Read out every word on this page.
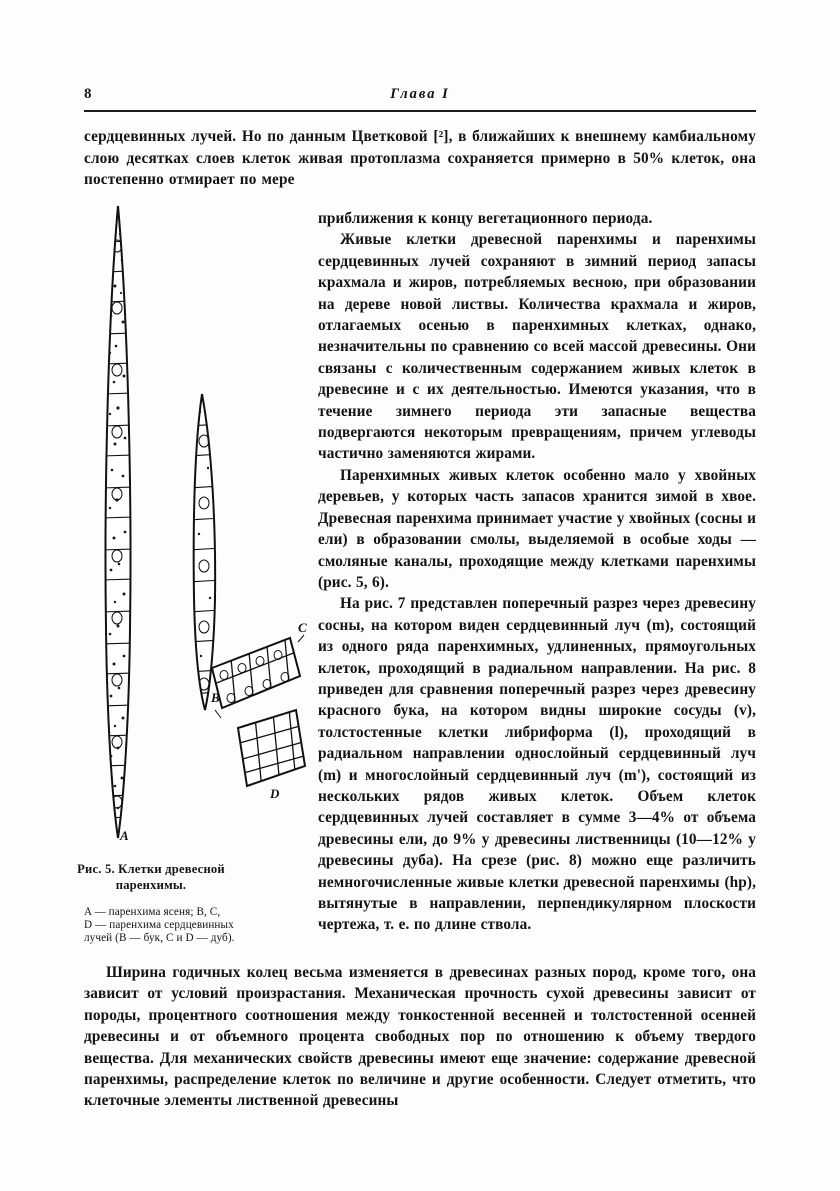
8	Глава I
сердцевинных лучей. Но по данным Цветковой [²], в ближайших к внешнему камбиальному слою десятках слоев клеток живая протоплазма сохраняется примерно в 50% клеток, она постепенно отмирает по мере
A
B
C
D
Рис. 5. Клетки древесной паренхимы.
A — паренхима ясеня; B, C,
D — паренхима сердцевинных
лучей (B — бук, C и D — дуб).

приближения к концу вегетационного периода.

Живые клетки древесной паренхимы и паренхимы сердцевинных лучей сохраняют в зимний период запасы крахмала и жиров, потребляемых весною, при образовании на дереве новой листвы. Количества крахмала и жиров, отлагаемых осенью в паренхимных клетках, однако, незначительны по сравнению со всей массой древесины. Они связаны с количественным содержанием живых клеток в древесине и с их деятельностью. Имеются указания, что в течение зимнего периода эти запасные вещества подвергаются некоторым превращениям, причем углеводы частично заменяются жирами.

Паренхимных живых клеток особенно мало у хвойных деревьев, у которых часть запасов хранится зимой в хвое. Древесная паренхима принимает участие у хвойных (сосны и ели) в образовании смолы, выделяемой в особые ходы — смоляные каналы, проходящие между клетками паренхимы (рис. 5, 6).

На рис. 7 представлен поперечный разрез через древесину сосны, на котором виден сердцевинный луч (m), состоящий из одного ряда паренхимных, удлиненных, прямоугольных клеток, проходящий в радиальном направлении. На рис. 8 приведен для сравнения поперечный разрез через древесину красного бука, на котором видны широкие сосуды (v), толстостенные клетки либриформа (l), проходящий в радиальном направлении однослойный сердцевинный луч (m) и многослойный сердцевинный луч (m'), состоящий из нескольких рядов живых клеток. Объем клеток сердцевинных лучей составляет в сумме 3—4% от объема древесины ели, до 9% у древесины лиственницы (10—12% у древесины дуба). На срезе (рис. 8) можно еще различить немногочисленные живые клетки древесной паренхимы (hp), вытянутые в направлении, перпендикулярном плоскости чертежа, т. е. по длине ствола.

Ширина годичных колец весьма изменяется в древесинах разных пород, кроме того, она зависит от условий произрастания. Механическая прочность сухой древесины зависит от породы, процентного соотношения между тонкостенной весенней и толстостенной осенней древесины и от объемного процента свободных пор по отношению к объему твердого вещества. Для механических свойств древесины имеют еще значение: содержание древесной паренхимы, распределение клеток по величине и другие особенности. Следует отметить, что клеточные элементы лиственной древесины
